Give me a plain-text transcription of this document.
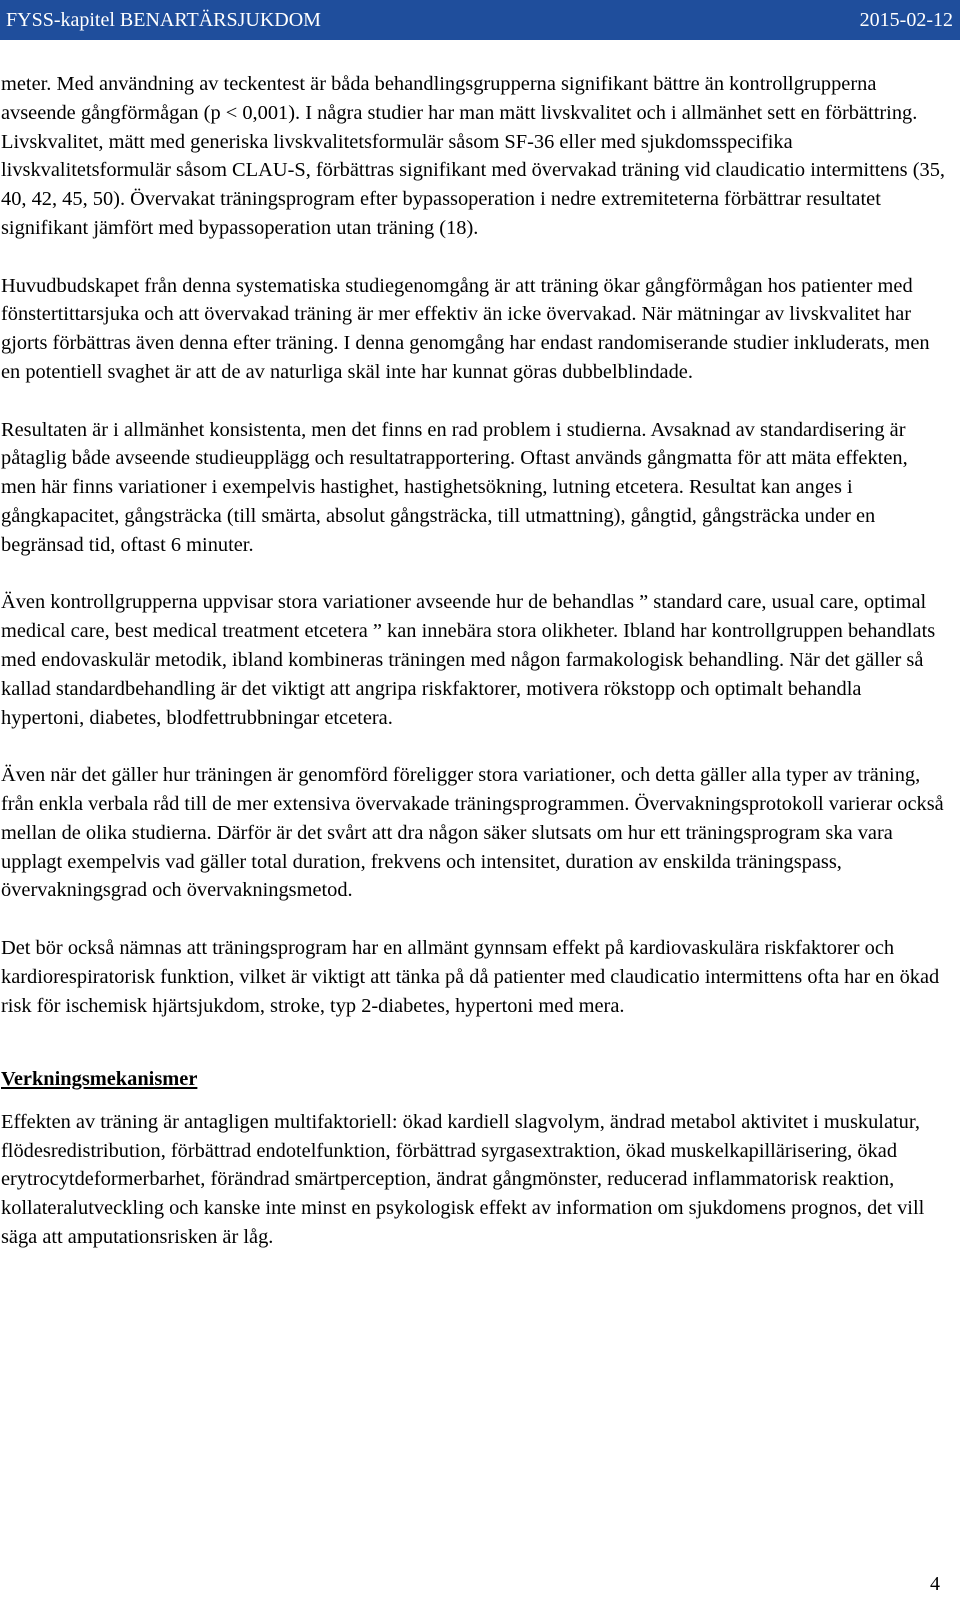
FYSS-kapitel BENARTÄRSJUKDOM	2015-02-12

meter. Med användning av teckentest är båda behandlingsgrupperna signifikant bättre än kontrollgrupperna avseende gångförmågan (p < 0,001). I några studier har man mätt livskvalitet och i allmänhet sett en förbättring. Livskvalitet, mätt med generiska livskvalitetsformulär såsom SF-36 eller med sjukdomsspecifika livskvalitetsformulär såsom CLAU-S, förbättras signifikant med övervakad träning vid claudicatio intermittens (35, 40, 42, 45, 50). Övervakat träningsprogram efter bypassoperation i nedre extremiteterna förbättrar resultatet signifikant jämfört med bypassoperation utan träning (18).

Huvudbudskapet från denna systematiska studiegenomgång är att träning ökar gångförmågan hos patienter med fönstertittarsjuka och att övervakad träning är mer effektiv än icke övervakad. När mätningar av livskvalitet har gjorts förbättras även denna efter träning. I denna genomgång har endast randomiserande studier inkluderats, men en potentiell svaghet är att de av naturliga skäl inte har kunnat göras dubbelblindade.

Resultaten är i allmänhet konsistenta, men det finns en rad problem i studierna. Avsaknad av standardisering är påtaglig både avseende studieupplägg och resultatrapportering. Oftast används gångmatta för att mäta effekten, men här finns variationer i exempelvis hastighet, hastighetsökning, lutning etcetera. Resultat kan anges i gångkapacitet, gångsträcka (till smärta, absolut gångsträcka, till utmattning), gångtid, gångsträcka under en begränsad tid, oftast 6 minuter.

Även kontrollgrupperna uppvisar stora variationer avseende hur de behandlas ” standard care, usual care, optimal medical care, best medical treatment etcetera ” kan innebära stora olikheter. Ibland har kontrollgruppen behandlats med endovaskulär metodik, ibland kombineras träningen med någon farmakologisk behandling. När det gäller så kallad standardbehandling är det viktigt att angripa riskfaktorer, motivera rökstopp och optimalt behandla hypertoni, diabetes, blodfettrubbningar etcetera.

Även när det gäller hur träningen är genomförd föreligger stora variationer, och detta gäller alla typer av träning, från enkla verbala råd till de mer extensiva övervakade träningsprogrammen. Övervakningsprotokoll varierar också mellan de olika studierna. Därför är det svårt att dra någon säker slutsats om hur ett träningsprogram ska vara upplagt exempelvis vad gäller total duration, frekvens och intensitet, duration av enskilda träningspass, övervakningsgrad och övervakningsmetod.

Det bör också nämnas att träningsprogram har en allmänt gynnsam effekt på kardiovaskulära riskfaktorer och kardiorespiratorisk funktion, vilket är viktigt att tänka på då patienter med claudicatio intermittens ofta har en ökad risk för ischemisk hjärtsjukdom, stroke, typ 2-diabetes, hypertoni med mera.

Verkningsmekanismer

Effekten av träning är antagligen multifaktoriell: ökad kardiell slagvolym, ändrad metabol aktivitet i muskulatur, flödesredistribution, förbättrad endotelfunktion, förbättrad syrgasextraktion, ökad muskelkapillärisering, ökad erytrocytdeformerbarhet, förändrad smärtperception, ändrat gångmönster, reducerad inflammatorisk reaktion, kollateralutveckling och kanske inte minst en psykologisk effekt av information om sjukdomens prognos, det vill säga att amputationsrisken är låg.

4
